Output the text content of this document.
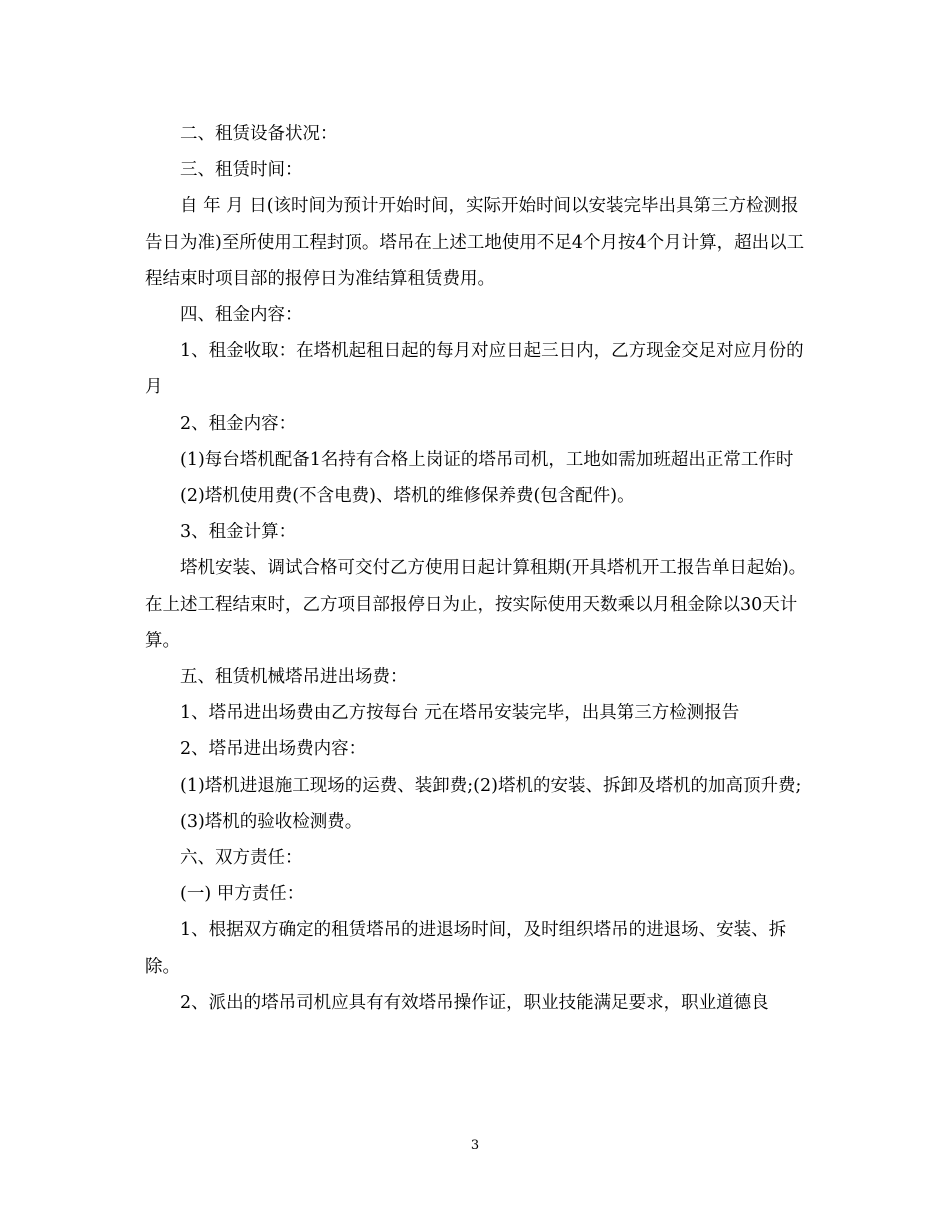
二、租赁设备状况：

三、租赁时间：

自 年 月 日(该时间为预计开始时间，实际开始时间以安装完毕出具第三方检测报告日为准)至所使用工程封顶。塔吊在上述工地使用不足4个月按4个月计算，超出以工程结束时项目部的报停日为准结算租赁费用。

四、租金内容：

1、租金收取：在塔机起租日起的每月对应日起三日内，乙方现金交足对应月份的月

2、租金内容：

(1)每台塔机配备1名持有合格上岗证的塔吊司机，工地如需加班超出正常工作时

(2)塔机使用费(不含电费)、塔机的维修保养费(包含配件)。

3、租金计算：

塔机安装、调试合格可交付乙方使用日起计算租期(开具塔机开工报告单日起始)。在上述工程结束时，乙方项目部报停日为止，按实际使用天数乘以月租金除以30天计算。

五、租赁机械塔吊进出场费：

1、塔吊进出场费由乙方按每台 元在塔吊安装完毕，出具第三方检测报告

2、塔吊进出场费内容：

(1)塔机进退施工现场的运费、装卸费;(2)塔机的安装、拆卸及塔机的加高顶升费;

(3)塔机的验收检测费。

六、双方责任：

(一) 甲方责任：

1、根据双方确定的租赁塔吊的进退场时间，及时组织塔吊的进退场、安装、拆除。

2、派出的塔吊司机应具有有效塔吊操作证，职业技能满足要求，职业道德良

3
